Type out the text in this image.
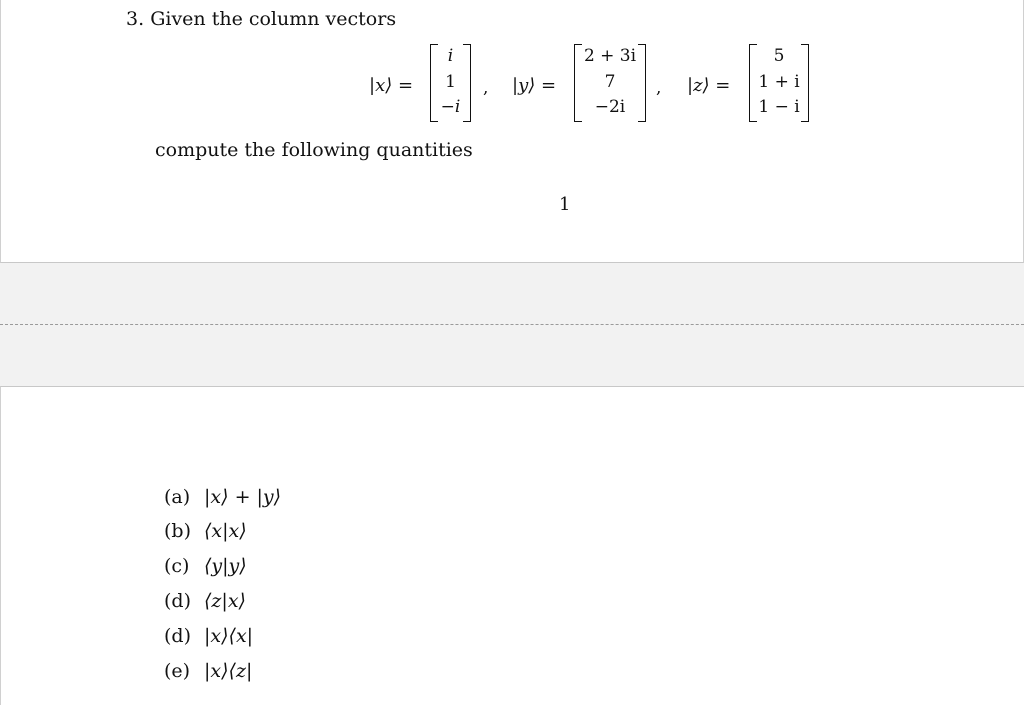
3. Given the column vectors
|x⟩ =
i
1
−i
, |y⟩ =
2 + 3i
7
−2i
, |z⟩ =
5
1 + i
1 − i
compute the following quantities
1
(a) |x⟩ + |y⟩
(b) ⟨x|x⟩
(c) ⟨y|y⟩
(d) ⟨z|x⟩
(d) |x⟩⟨x|
(e) |x⟩⟨z|
